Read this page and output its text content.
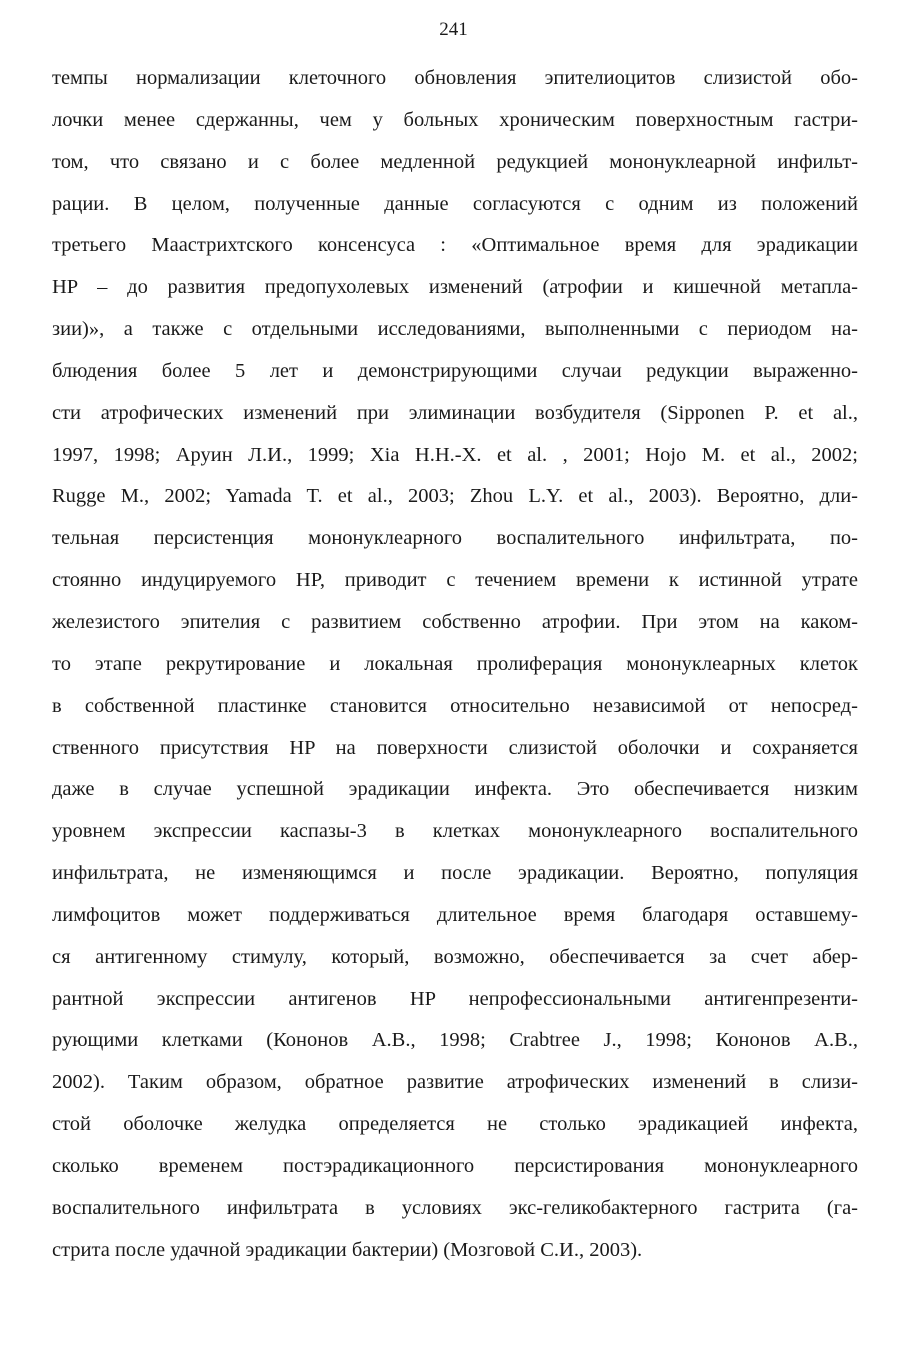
241
темпы нормализации клеточного обновления эпителиоцитов слизистой обо-
лочки менее сдержанны, чем у больных хроническим поверхностным гастри-
том, что связано и с более медленной редукцией мононуклеарной инфильт-
рации. В целом, полученные данные согласуются с одним из положений
третьего Маастрихтского консенсуса : «Оптимальное время для эрадикации
HP – до развития предопухолевых изменений (атрофии и кишечной метапла-
зии)», а также с отдельными исследованиями, выполненными с периодом на-
блюдения более 5 лет и демонстрирующими случаи редукции выраженно-
сти атрофических изменений при элиминации возбудителя (Sipponen P. et al.,
1997, 1998; Аруин Л.И., 1999; Xia H.H.-X. et al. , 2001; Hojo M. et al., 2002;
Rugge M., 2002; Yamada T. et al., 2003; Zhou L.Y. et al., 2003). Вероятно, дли-
тельная персистенция мононуклеарного воспалительного инфильтрата, по-
стоянно индуцируемого HP, приводит с течением времени к истинной утрате
железистого эпителия с развитием собственно атрофии. При этом на каком-
то этапе рекрутирование и локальная пролиферация мононуклеарных клеток
в собственной пластинке становится относительно независимой от непосред-
ственного присутствия HP на поверхности слизистой оболочки и сохраняется
даже в случае успешной эрадикации инфекта. Это обеспечивается низким
уровнем экспрессии каспазы-3 в клетках мононуклеарного воспалительного
инфильтрата, не изменяющимся и после эрадикации. Вероятно, популяция
лимфоцитов может поддерживаться длительное время благодаря оставшему-
ся антигенному стимулу, который, возможно, обеспечивается за счет абер-
рантной экспрессии антигенов HP непрофессиональными антигенпрезенти-
рующими клетками (Кононов А.В., 1998; Crabtree J., 1998; Кононов А.В.,
2002). Таким образом, обратное развитие атрофических изменений в слизи-
стой оболочке желудка определяется не столько эрадикацией инфекта,
сколько временем постэрадикационного персистирования мононуклеарного
воспалительного инфильтрата в условиях экс-геликобактерного гастрита (га-
стрита после удачной эрадикации бактерии) (Мозговой С.И., 2003).
